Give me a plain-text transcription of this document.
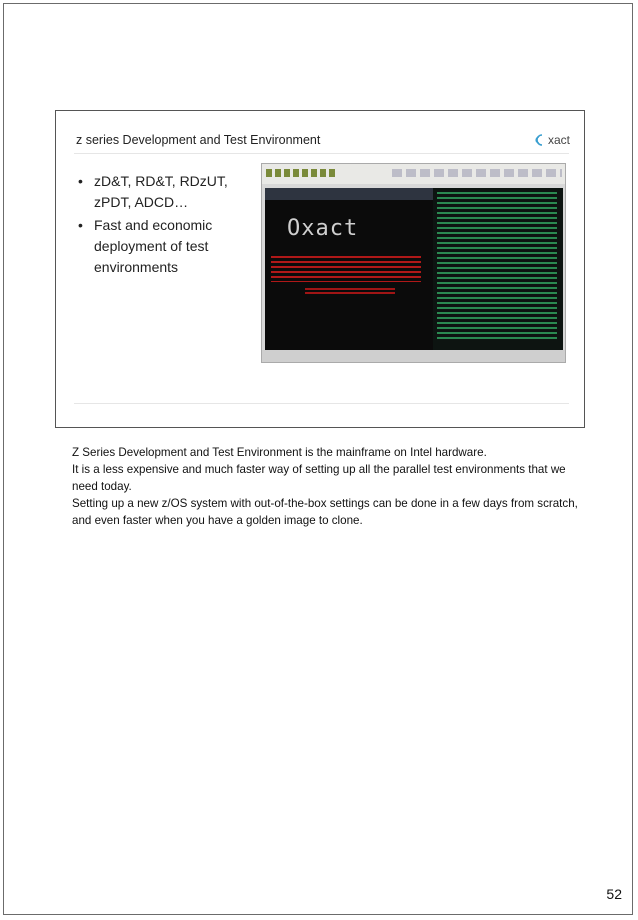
z series Development and Test Environment	xact
• zD&T, RD&T, RDzUT, zPDT, ADCD…
• Fast and economic deployment of test environments
Oxact

Z Series Development and Test Environment is the mainframe on Intel hardware.

It is a less expensive and much faster way of setting up all the parallel test environments that we need today.

Setting up a new z/OS system with out-of-the-box settings can be done in a few days from scratch, and even faster when you have a golden image to clone.

52
